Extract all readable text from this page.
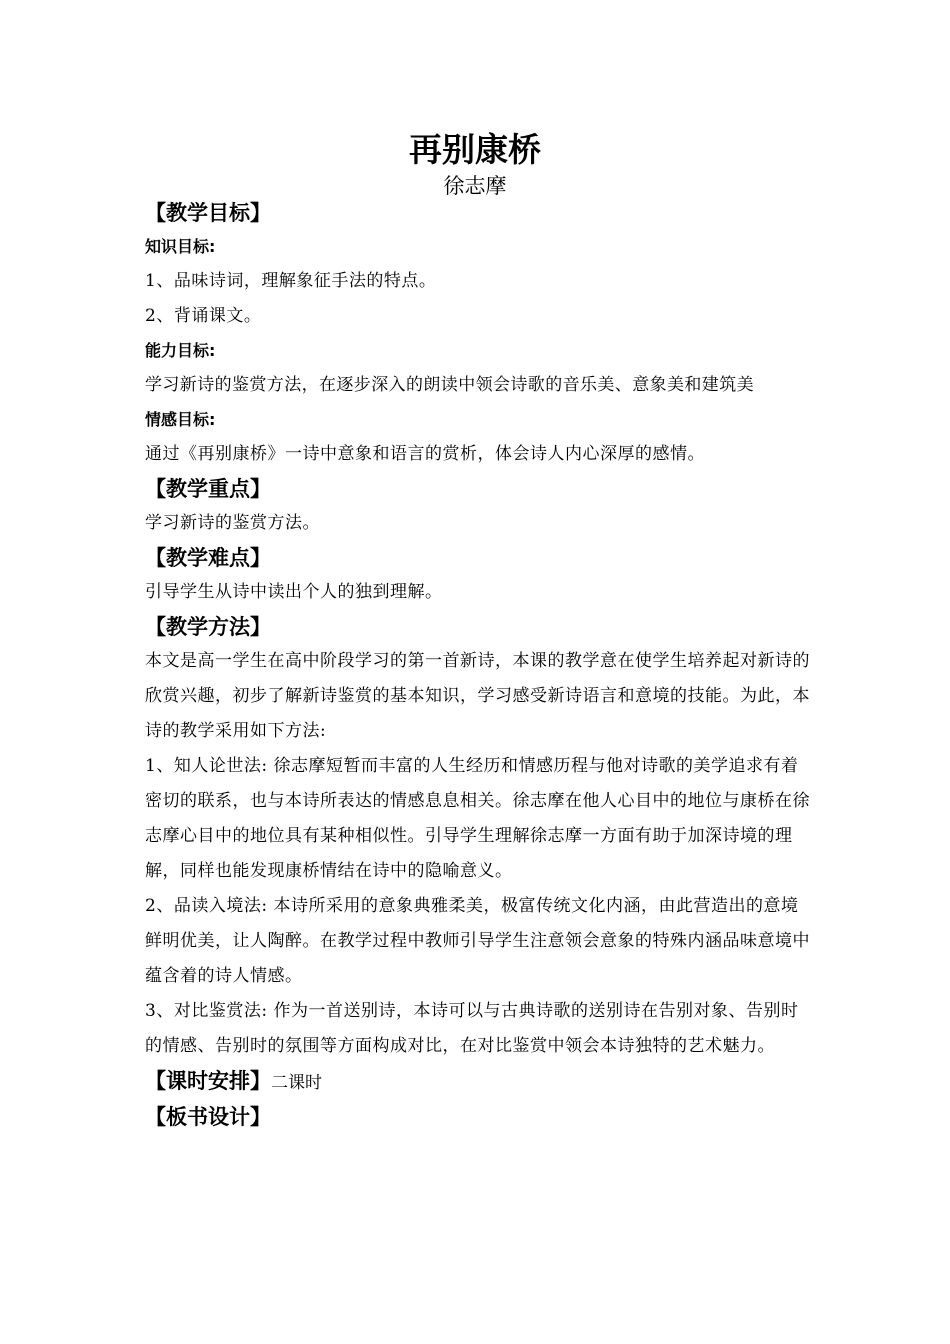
再别康桥
徐志摩

【教学目标】

知识目标:

1、品味诗词，理解象征手法的特点。

2、背诵课文。

能力目标:

学习新诗的鉴赏方法，在逐步深入的朗读中领会诗歌的音乐美、意象美和建筑美

情感目标:

通过《再别康桥》一诗中意象和语言的赏析，体会诗人内心深厚的感情。

【教学重点】

学习新诗的鉴赏方法。

【教学难点】

引导学生从诗中读出个人的独到理解。

【教学方法】

本文是高一学生在高中阶段学习的第一首新诗，本课的教学意在使学生培养起对新诗的欣赏兴趣，初步了解新诗鉴赏的基本知识，学习感受新诗语言和意境的技能。为此，本诗的教学采用如下方法:

1、知人论世法: 徐志摩短暂而丰富的人生经历和情感历程与他对诗歌的美学追求有着密切的联系，也与本诗所表达的情感息息相关。徐志摩在他人心目中的地位与康桥在徐志摩心目中的地位具有某种相似性。引导学生理解徐志摩一方面有助于加深诗境的理解，同样也能发现康桥情结在诗中的隐喻意义。

2、品读入境法: 本诗所采用的意象典雅柔美，极富传统文化内涵，由此营造出的意境鲜明优美，让人陶醉。在教学过程中教师引导学生注意领会意象的特殊内涵品味意境中蕴含着的诗人情感。

3、对比鉴赏法: 作为一首送别诗，本诗可以与古典诗歌的送别诗在告别对象、告别时的情感、告别时的氛围等方面构成对比，在对比鉴赏中领会本诗独特的艺术魅力。

【课时安排】二课时

【板书设计】
